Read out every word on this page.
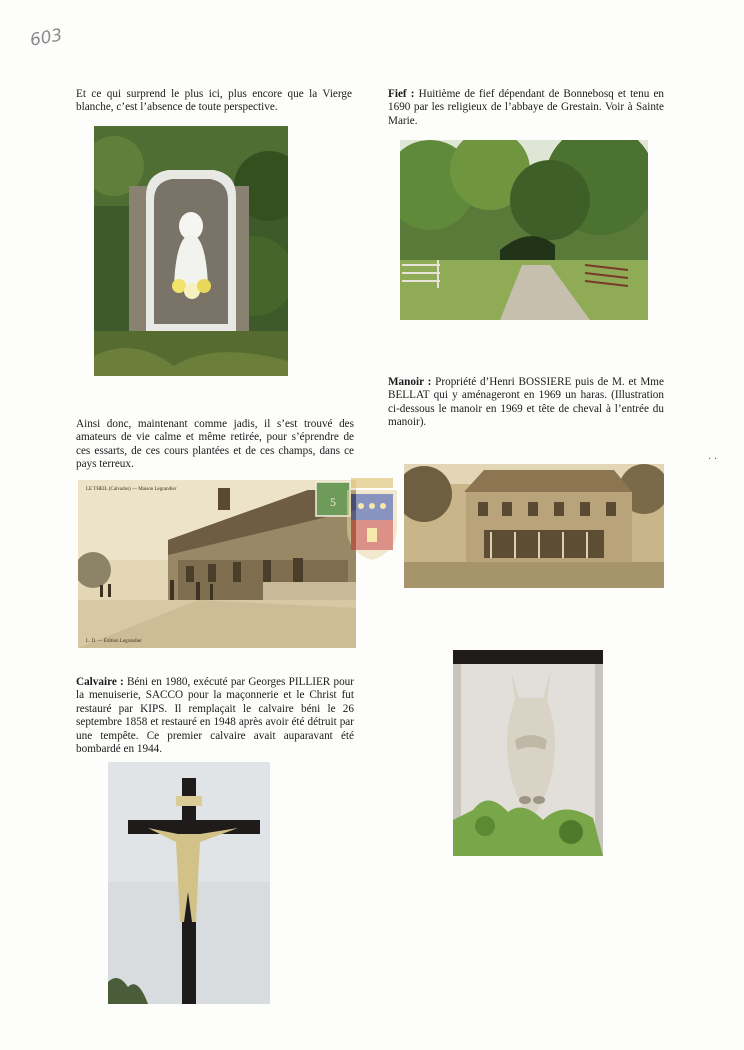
603

Et ce qui surprend le plus ici, plus encore que la Vierge blanche, c’est l’absence de toute perspective.

Ainsi donc, maintenant comme jadis, il s’est trouvé des amateurs de vie calme et même retirée, pour s’éprendre de ces essarts, de ces cours plantées et de ces champs, dans ce pays terreux.

5
LE THEIL (Calvados) — Maison Legrandier
L. D. — Édition Legrandier

Calvaire : Béni en 1980, exécuté par Georges PILLIER pour la menuiserie, SACCO pour la maçonnerie et le Christ fut restauré par KIPS. Il remplaçait le calvaire béni le 26 septembre 1858 et restauré en 1948 après avoir été détruit par une tempête. Ce premier calvaire avait auparavant été bombardé en 1944.

Fief : Huitième de fief dépendant de Bonnebosq et tenu en 1690 par les religieux de l’abbaye de Grestain. Voir à Sainte Marie.

Manoir : Propriété d’Henri BOSSIERE puis de M. et Mme BELLAT qui y aménageront en 1969 un haras. (Illustration ci-dessous le manoir en 1969 et tête de cheval à l’entrée du manoir).

· ·
